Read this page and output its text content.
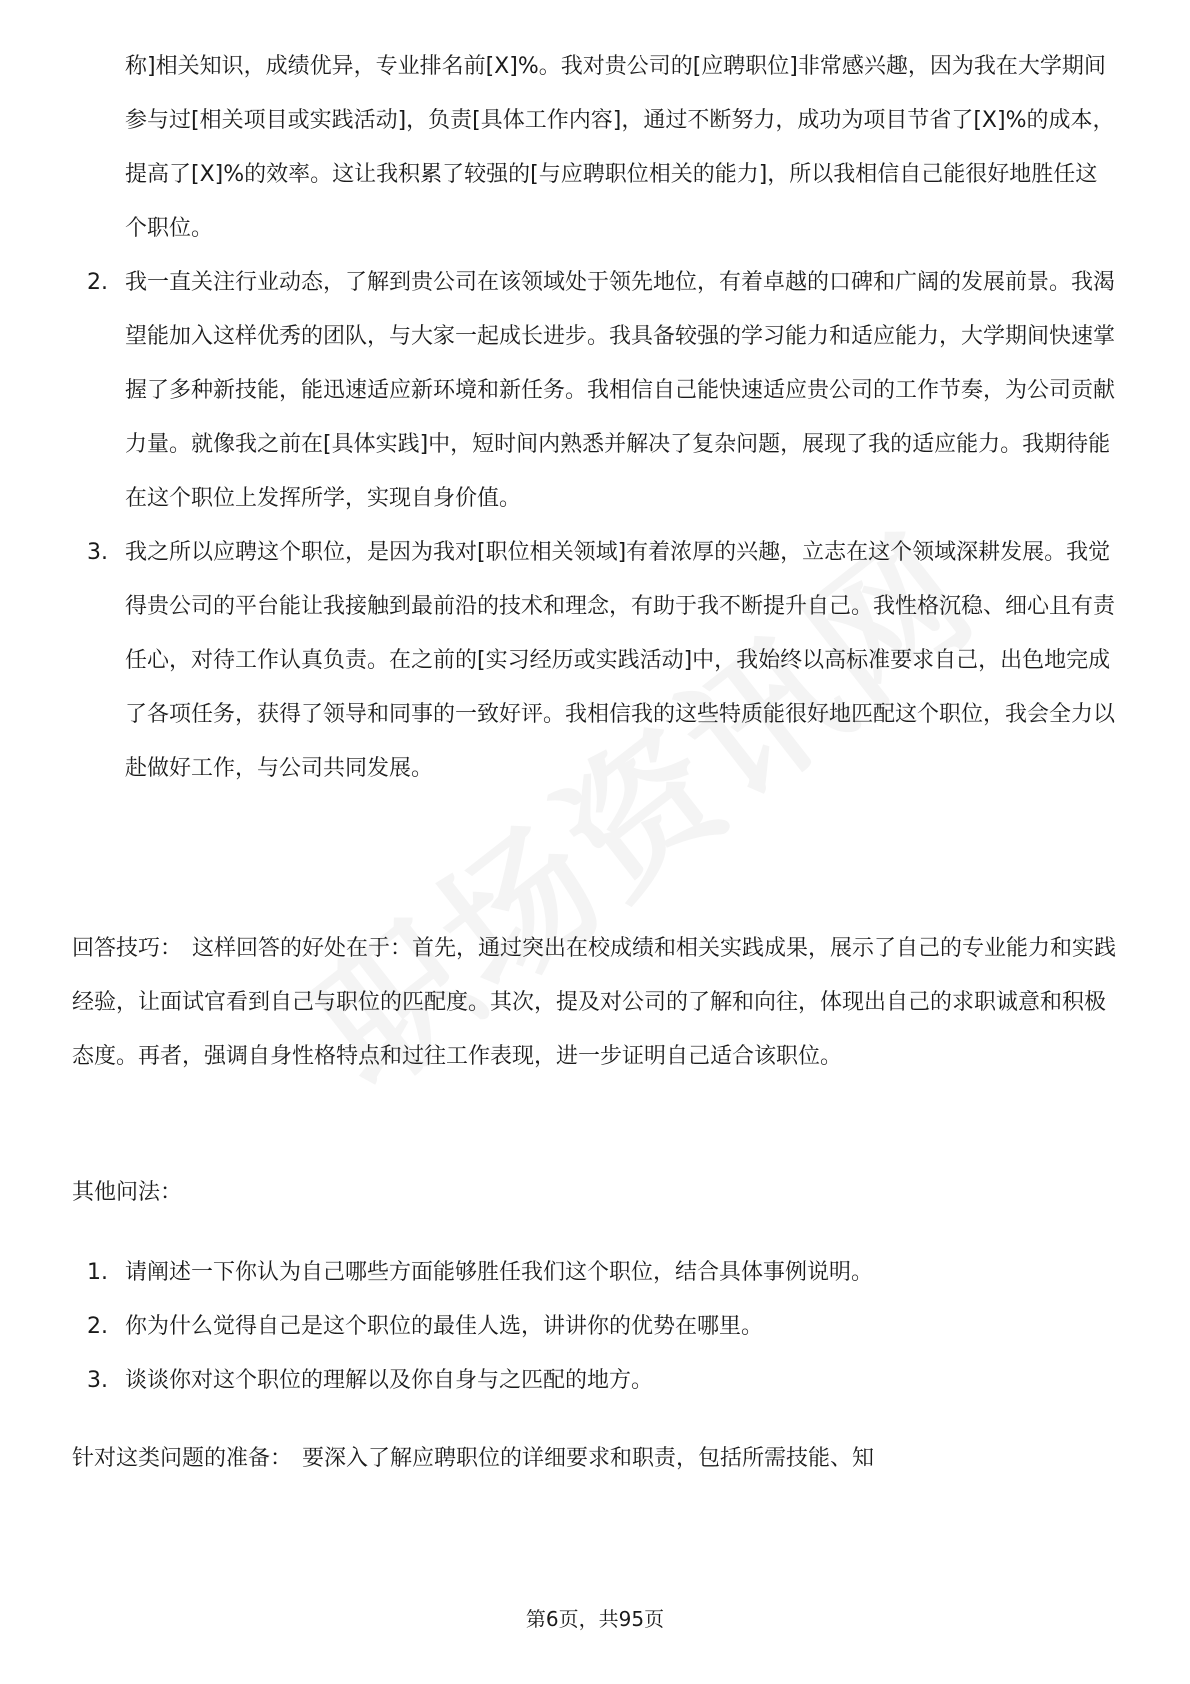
称]相关知识，成绩优异，专业排名前[X]%。我对贵公司的[应聘职位]非常感兴趣，因为我在大学期间参与过[相关项目或实践活动]，负责[具体工作内容]，通过不断努力，成功为项目节省了[X]%的成本，提高了[X]%的效率。这让我积累了较强的[与应聘职位相关的能力]，所以我相信自己能很好地胜任这个职位。
2. 我一直关注行业动态，了解到贵公司在该领域处于领先地位，有着卓越的口碑和广阔的发展前景。我渴望能加入这样优秀的团队，与大家一起成长进步。我具备较强的学习能力和适应能力，大学期间快速掌握了多种新技能，能迅速适应新环境和新任务。我相信自己能快速适应贵公司的工作节奏，为公司贡献力量。就像我之前在[具体实践]中，短时间内熟悉并解决了复杂问题，展现了我的适应能力。我期待能在这个职位上发挥所学，实现自身价值。
3. 我之所以应聘这个职位，是因为我对[职位相关领域]有着浓厚的兴趣，立志在这个领域深耕发展。我觉得贵公司的平台能让我接触到最前沿的技术和理念，有助于我不断提升自己。我性格沉稳、细心且有责任心，对待工作认真负责。在之前的[实习经历或实践活动]中，我始终以高标准要求自己，出色地完成了各项任务，获得了领导和同事的一致好评。我相信我的这些特质能很好地匹配这个职位，我会全力以赴做好工作，与公司共同发展。

回答技巧： 这样回答的好处在于：首先，通过突出在校成绩和相关实践成果，展示了自己的专业能力和实践经验，让面试官看到自己与职位的匹配度。其次，提及对公司的了解和向往，体现出自己的求职诚意和积极态度。再者，强调自身性格特点和过往工作表现，进一步证明自己适合该职位。

其他问法：

1. 请阐述一下你认为自己哪些方面能够胜任我们这个职位，结合具体事例说明。
2. 你为什么觉得自己是这个职位的最佳人选，讲讲你的优势在哪里。
3. 谈谈你对这个职位的理解以及你自身与之匹配的地方。

针对这类问题的准备： 要深入了解应聘职位的详细要求和职责，包括所需技能、知

第6页，共95页
